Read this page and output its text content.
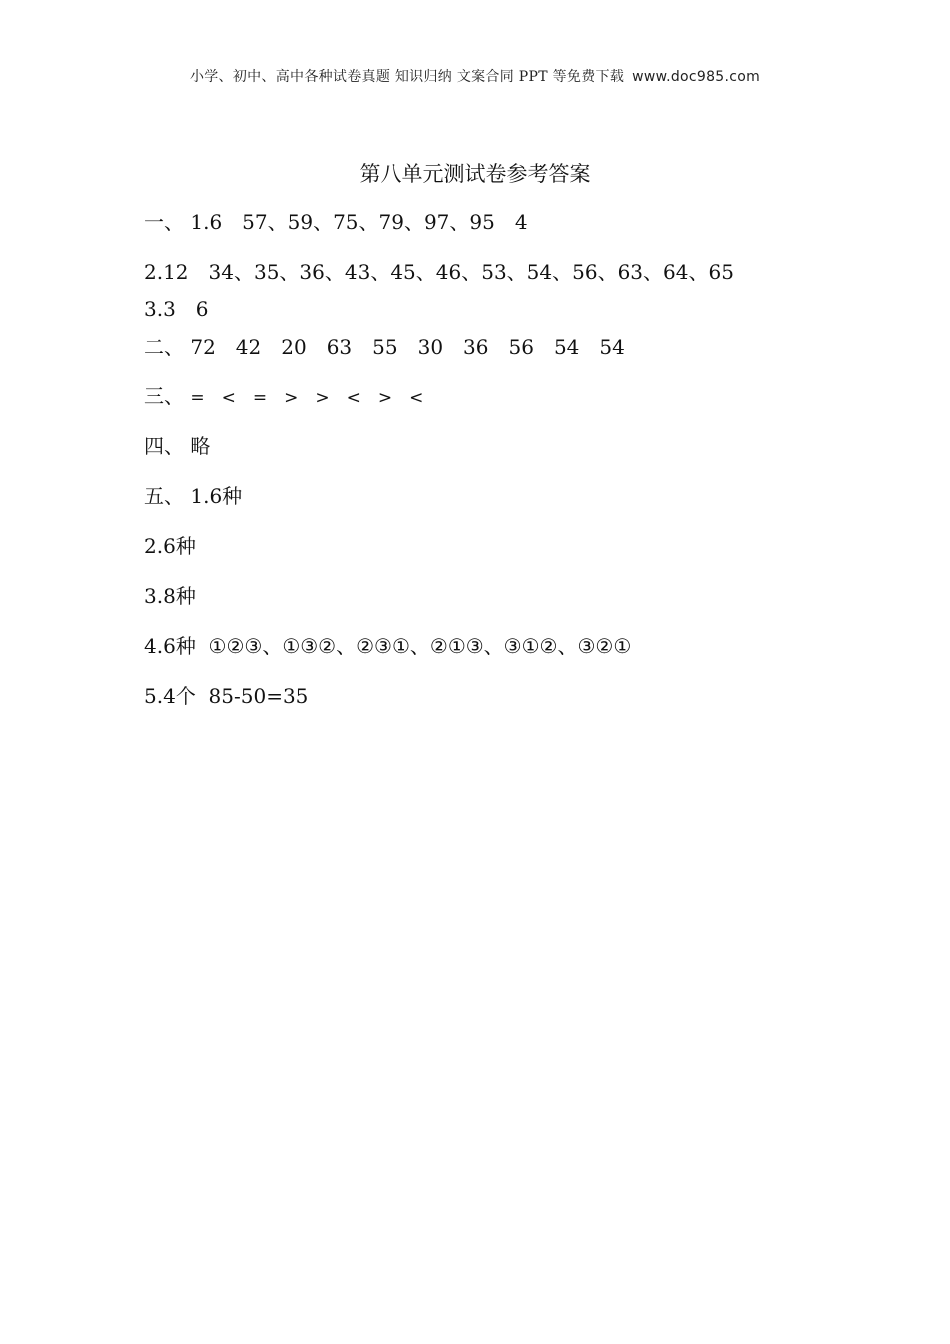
小学、初中、高中各种试卷真题 知识归纳 文案合同 PPT 等免费下载 www.doc985.com
第八单元测试卷参考答案
一、 1.6　57、59、75、79、97、95　4
2.12　34、35、36、43、45、46、53、54、56、63、64、65
3.3　6
二、 72　42　20　63　55　30　36　56　54　54
三、 =　<　=　>　>　<　>　<
四、 略
五、 1.6种
2.6种
3.8种
4.6种 ①②③、①③②、②③①、②①③、③①②、③②①
5.4个 85-50=35
